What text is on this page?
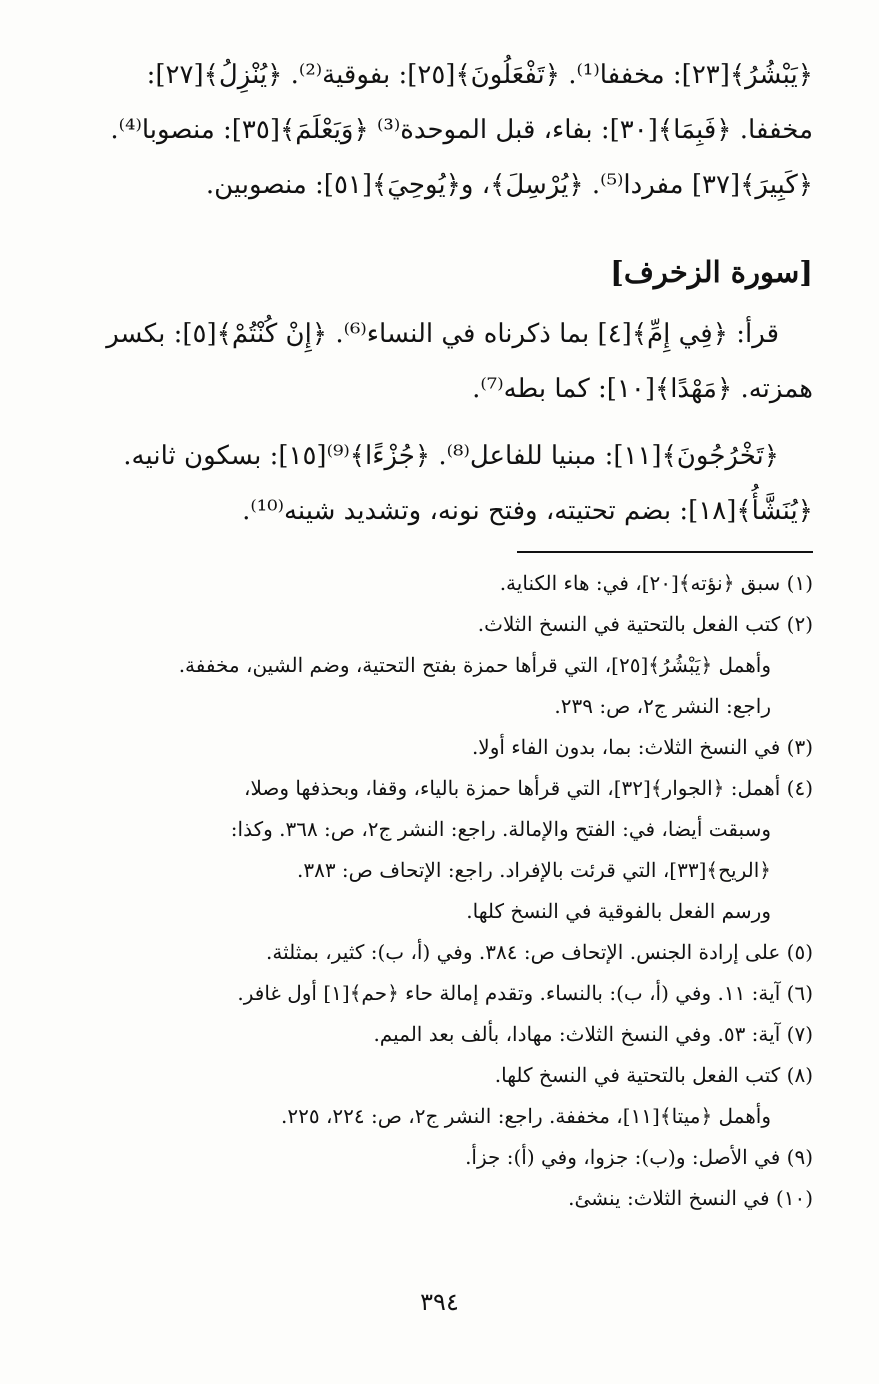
﴿يَبْشُرُ﴾[٢٣]: مخففا⁽¹⁾. ﴿تَفْعَلُونَ﴾[٢٥]: بفوقية⁽²⁾. ﴿يُنْزِلُ﴾[٢٧]:

مخففا. ﴿فَبِمَا﴾[٣٠]: بفاء، قبل الموحدة⁽³⁾ ﴿وَيَعْلَمَ﴾[٣٥]: منصوبا⁽⁴⁾.

﴿كَبِيرَ﴾[٣٧] مفردا⁽⁵⁾. ﴿يُرْسِلَ﴾، و﴿يُوحِيَ﴾[٥١]: منصوبين.

[سورة الزخرف]

قرأ: ﴿فِي إِمِّ﴾[٤] بما ذكرناه في النساء⁽⁶⁾. ﴿إِنْ كُنْتُمْ﴾[٥]: بكسر

همزته. ﴿مَهْدًا﴾[١٠]: كما بطه⁽⁷⁾.

﴿تَخْرُجُونَ﴾[١١]: مبنيا للفاعل⁽⁸⁾. ﴿جُزْءًا﴾⁽⁹⁾[١٥]: بسكون ثانيه.

﴿يُنَشَّأُ﴾[١٨]: بضم تحتيته، وفتح نونه، وتشديد شينه⁽¹⁰⁾.

(١) سبق ﴿نؤته﴾[٢٠]، في: هاء الكناية.

(٢) كتب الفعل بالتحتية في النسخ الثلاث.

وأهمل ﴿يَبْشُرُ﴾[٢٥]، التي قرأها حمزة بفتح التحتية، وضم الشين، مخففة.

راجع: النشر ج٢، ص: ٢٣٩.

(٣) في النسخ الثلاث: بما، بدون الفاء أولا.

(٤) أهمل: ﴿الجوار﴾[٣٢]، التي قرأها حمزة بالياء، وقفا، وبحذفها وصلا،

وسبقت أيضا، في: الفتح والإمالة. راجع: النشر ج٢، ص: ٣٦٨. وكذا:

﴿الريح﴾[٣٣]، التي قرئت بالإفراد. راجع: الإتحاف ص: ٣٨٣.

ورسم الفعل بالفوقية في النسخ كلها.

(٥) على إرادة الجنس. الإتحاف ص: ٣٨٤. وفي (أ، ب): كثير، بمثلثة.

(٦) آية: ١١. وفي (أ، ب): بالنساء. وتقدم إمالة حاء ﴿حم﴾[١] أول غافر.

(٧) آية: ٥٣. وفي النسخ الثلاث: مهادا، بألف بعد الميم.

(٨) كتب الفعل بالتحتية في النسخ كلها.

وأهمل ﴿ميتا﴾[١١]، مخففة. راجع: النشر ج٢، ص: ٢٢٤، ٢٢٥.

(٩) في الأصل: و(ب): جزوا، وفي (أ): جزأ.

(١٠) في النسخ الثلاث: ينشئ.

٣٩٤
